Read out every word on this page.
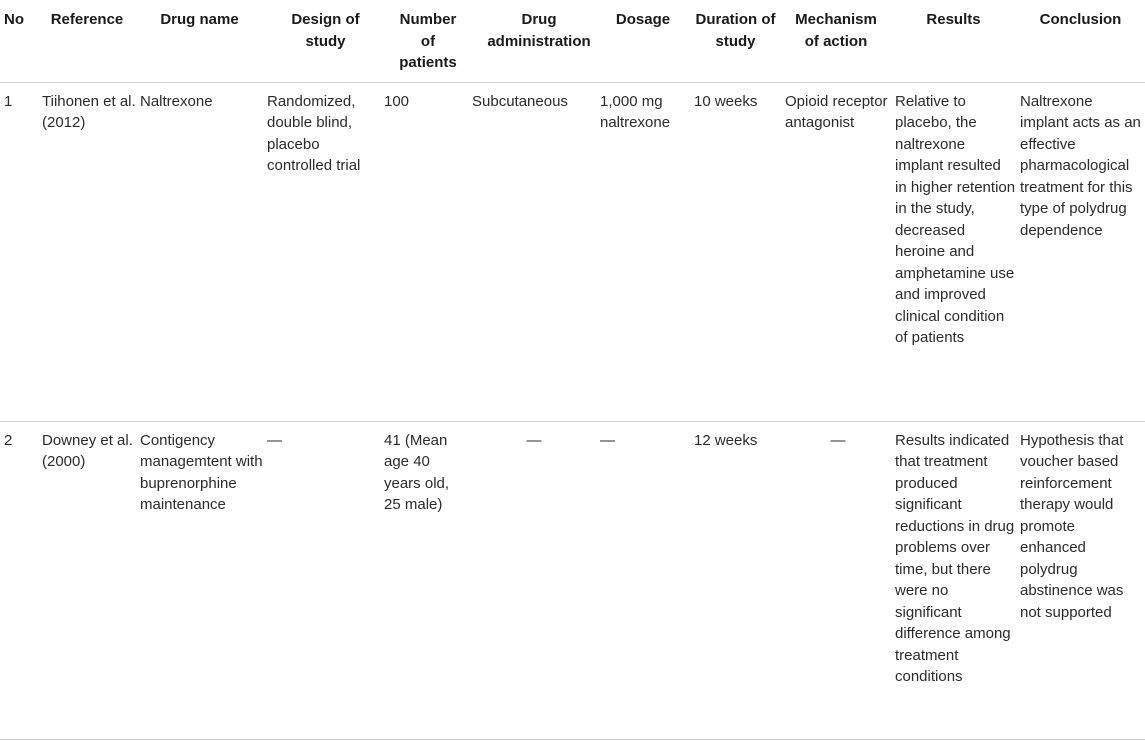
No	Reference	Drug name	Design of study	Number of patients	Drug administration	Dosage	Duration of study	Mechanism of action	Results	Conclusion
1	Tiihonen et al. (2012)	Naltrexone	Randomized, double blind, placebo controlled trial	100	Subcutaneous	1,000 mg naltrexone	10 weeks	Opioid receptor antagonist	Relative to placebo, the naltrexone implant resulted in higher retention in the study, decreased heroine and amphetamine use and improved clinical condition of patients	Naltrexone implant acts as an effective pharmacological treatment for this type of polydrug dependence
2	Downey et al. (2000)	Contigency managemtent with buprenorphine maintenance	—	41 (Mean age 40 years old, 25 male)	—	—	12 weeks	—	Results indicated that treatment produced significant reductions in drug problems over time, but there were no significant difference among treatment conditions	Hypothesis that voucher based reinforcement therapy would promote enhanced polydrug abstinence was not supported
